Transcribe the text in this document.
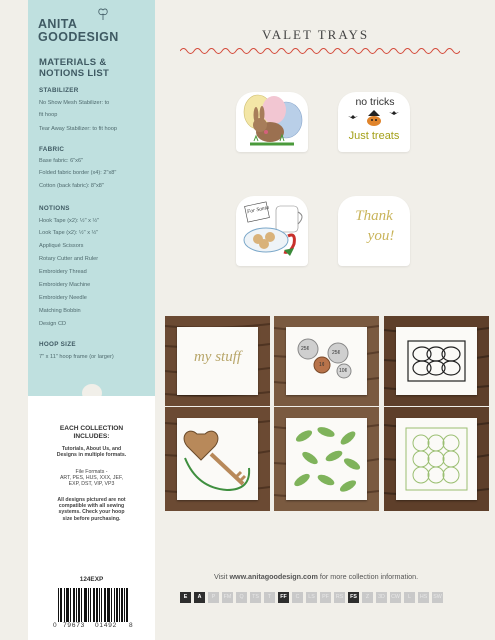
ANITA
GOODESIGN
MATERIALS &
NOTIONS LIST
STABILIZER
No Show Mesh Stabilizer: to
fit hoop
Tear Away Stabilizer: to fit hoop
FABRIC
Base fabric: 6"x6"
Folded fabric border (x4): 2"x8"
Cotton (back fabric): 8"x8"
NOTIONS
Hook Tape (x2): ½" x ½"
Look Tape (x2): ½" x ½"
Appliqué Scissors
Rotary Cutter and Ruler
Embroidery Thread
Embroidery Machine
Embroidery Needle
Matching Bobbin
Design CD
HOOP SIZE
7" x 11" hoop frame (or larger)
EACH COLLECTION
INCLUDES:
Tutorials, About Us, and
Designs in multiple formats.
File Formats -
ART, PES, HUS, XXX, JEF,
EXP, DST, VIP, VP3
All designs pictured are not
compatible with all sewing
systems. Check your hoop
size before purchasing.
124EXP
0 79673 01492 8
VALET TRAYS
no tricks
Just treats
For Santa	Thank
you!
my stuff	25¢
1¢
25¢
10¢
Visit www.anitagoodesign.com for more collection information.
E	A	P	FM	Q	TS	T	FF	C	LS	PF	RS	FS	Z	3D	CW	L	HS	SW
